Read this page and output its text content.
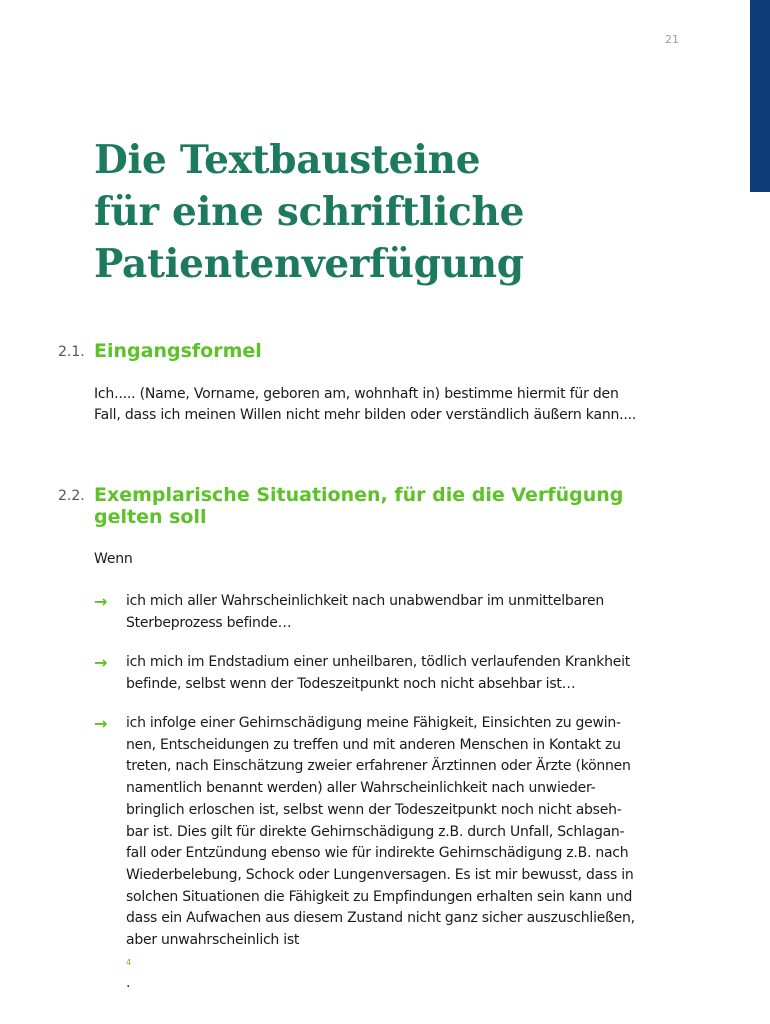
21
Die Textbausteine
für eine schriftliche
Patientenverfügung
2.1. Eingangsformel

Ich..... (Name, Vorname, geboren am, wohnhaft in) bestimme hiermit für den
Fall, dass ich meinen Willen nicht mehr bilden oder verständlich äußern kann....

2.2. Exemplarische Situationen, für die die Verfügung
gelten soll

Wenn

→ ich mich aller Wahrscheinlichkeit nach unabwendbar im unmittelbaren
Sterbeprozess befinde…

→ ich mich im Endstadium einer unheilbaren, tödlich verlaufenden Krankheit
befinde, selbst wenn der Todeszeitpunkt noch nicht absehbar ist…

→ ich infolge einer Gehirnschädigung meine Fähigkeit, Einsichten zu gewin-
nen, Entscheidungen zu treffen und mit anderen Menschen in Kontakt zu
treten, nach Einschätzung zweier erfahrener Ärztinnen oder Ärzte (können
namentlich benannt werden) aller Wahrscheinlichkeit nach unwieder-
bringlich erloschen ist, selbst wenn der Todeszeitpunkt noch nicht abseh-
bar ist. Dies gilt für direkte Gehirnschädigung z.B. durch Unfall, Schlagan-
fall oder Entzündung ebenso wie für indirekte Gehirnschädigung z.B. nach
Wiederbelebung, Schock oder Lungenversagen. Es ist mir bewusst, dass in
solchen Situationen die Fähigkeit zu Empfindungen erhalten sein kann und
dass ein Aufwachen aus diesem Zustand nicht ganz sicher auszuschließen,
aber unwahrscheinlich ist
4
.
